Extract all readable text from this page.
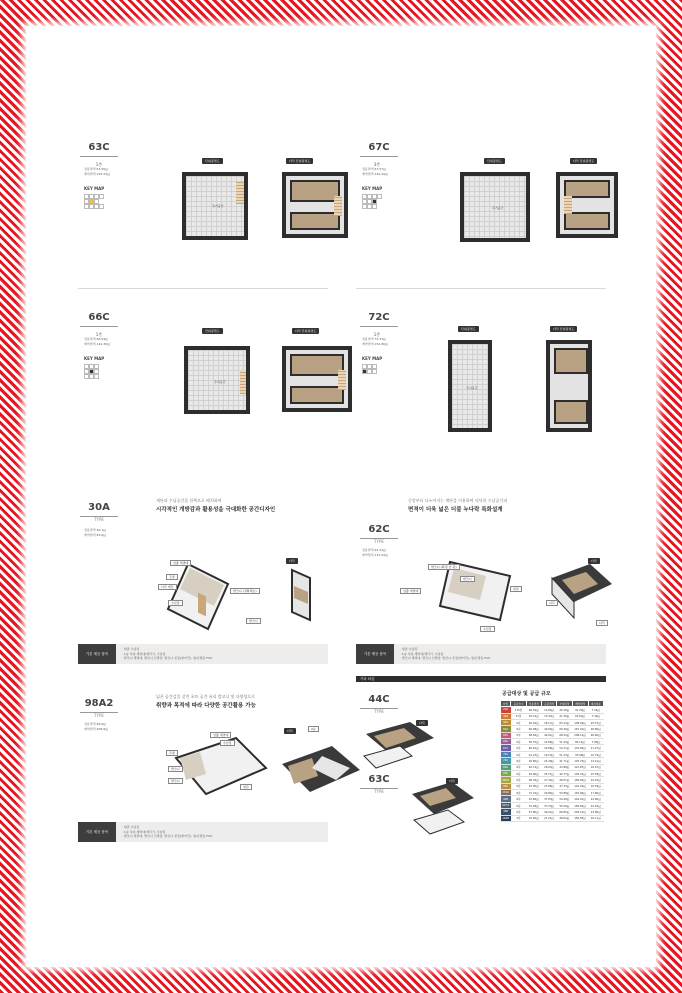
63C
1층
전용면적 63.95㎡
계약면적 126.23㎡
KEY MAP
단위평면도
주거공간
다락 단위평면도
67C
3층
전용면적 67.57㎡
계약면적 142.29㎡
KEY MAP
단위평면도
주거공간
다락 단위평면도
66C
1층
전용면적 66.54㎡
계약면적 142.30㎡
KEY MAP
단위평면도
주거공간
다락 단위평면도
72C
1층
전용면적 72.33㎡
계약면적 152.86㎡
KEY MAP
단위평면도
주거공간
다락 단위평면도
·
30A
TYPE
전용면적 30.1㎡
계약면적 63.6㎡
계단과 수납공간을 한쪽으로 배치하여
시각적인 개방감과 활용성을 극대화한 공간디자인
입출 세면대
주방
다락 계단
수납장
발코니 (정확해요)
발코니
다락
기본 제공 품목
· 현관 수납장
· 1층 샤워 세면대/세탁기, 수납장
· 발코니 세면대, 발코니 신발장, 발코니 천장(에어컨), 냉/난방용 FCU
62C
TYPE
전용면적 62.14㎡
계약면적 131.93㎡
중앙부터 나누어지는 계단을 이용하여 넉넉한 수납공간과
면적이 더욱 넓은 더블 누다락 특화설계
발코니 (확정 안 됨)
발코니
입출 세면대	현관
수납장
다락
다락
다락
기본 제공 품목
· 현관 수납장
· 1층 샤워 세면대/세탁기, 수납장
· 발코니 세면대, 발코니 신발장, 발코니 천장(에어컨), 냉/난방용 FCU
98A2
TYPE
전용면적 98.6㎡
계약면적 208.8㎡
넓은 공간감을 살린 포트 공간 유리 발코니 및 다양성으로
취향과 목적에 따라 다양한 공간활용 가능
입출 세면대
수납장
주방
발코니
발코니
현관
다락	2층
기본 제공 품목
· 현관 수납장
· 1층 샤워 세면대/세탁기, 수납장
· 발코니 세면대, 발코니 신발장, 발코니 천장(에어컨), 냉/난방용 FCU
기타 타입
44C
TYPE
다락
63C
TYPE
다락
공급대상 및 공급 규모
타입	공급호수	전용면적	공용면적	부대면적	계약면적	대지지분
20A	175실	26.54㎡	11.84㎡	26.16㎡	91.29㎡	7.54㎡
30A	31실	30.14㎡	13.43㎡	21.39㎡	63.64㎡	7.30㎡
44C	9실	62.44㎡	18.17㎡	65.24㎡	138.29㎡	25.57㎡
62C	9실	60.98㎡	40.94㎡	66.26㎡	167.24㎡	26.80㎡
63C	5실	68.56㎡	40.91㎡	68.54㎡	208.12㎡	26.60㎡
66C	9실	56.75㎡	12.86㎡	51.33㎡	85.12㎡	7.90㎡
67C	9실	66.61㎡	19.88㎡	54.11㎡	132.60㎡	11.27㎡
72C	9실	44.23㎡	19.23㎡	51.23㎡	93.98㎡	10.79㎡
74C	9실	26.80㎡	24.28㎡	41.71㎡	125.74㎡	14.41㎡
80A	9실	62.74㎡	29.63㎡	43.88㎡	121.87㎡	16.07㎡
90C	9실	63.90㎡	25.71㎡	40.77㎡	130.22㎡	15.58㎡
98A2	9실	96.34㎡	27.42㎡	46.07㎡	169.83㎡	19.22㎡
99C	9실	67.05㎡	27.86㎡	47.33㎡	142.29㎡	16.39㎡
101A	9실	72.22㎡	29.85㎡	50.88㎡	152.96㎡	17.80㎡
44B	9실	52.80㎡	37.83㎡	54.28㎡	144.91㎡	22.60㎡
62C3	9실	52.28㎡	37.23㎡	56.59㎡	184.82㎡	22.40㎡
46B	9실	57.80㎡	40.21㎡	68.85㎡	205.15㎡	23.80㎡
164B	3실	76.00㎡	27.21㎡	48.62㎡	150.83㎡	16.11㎡
·
